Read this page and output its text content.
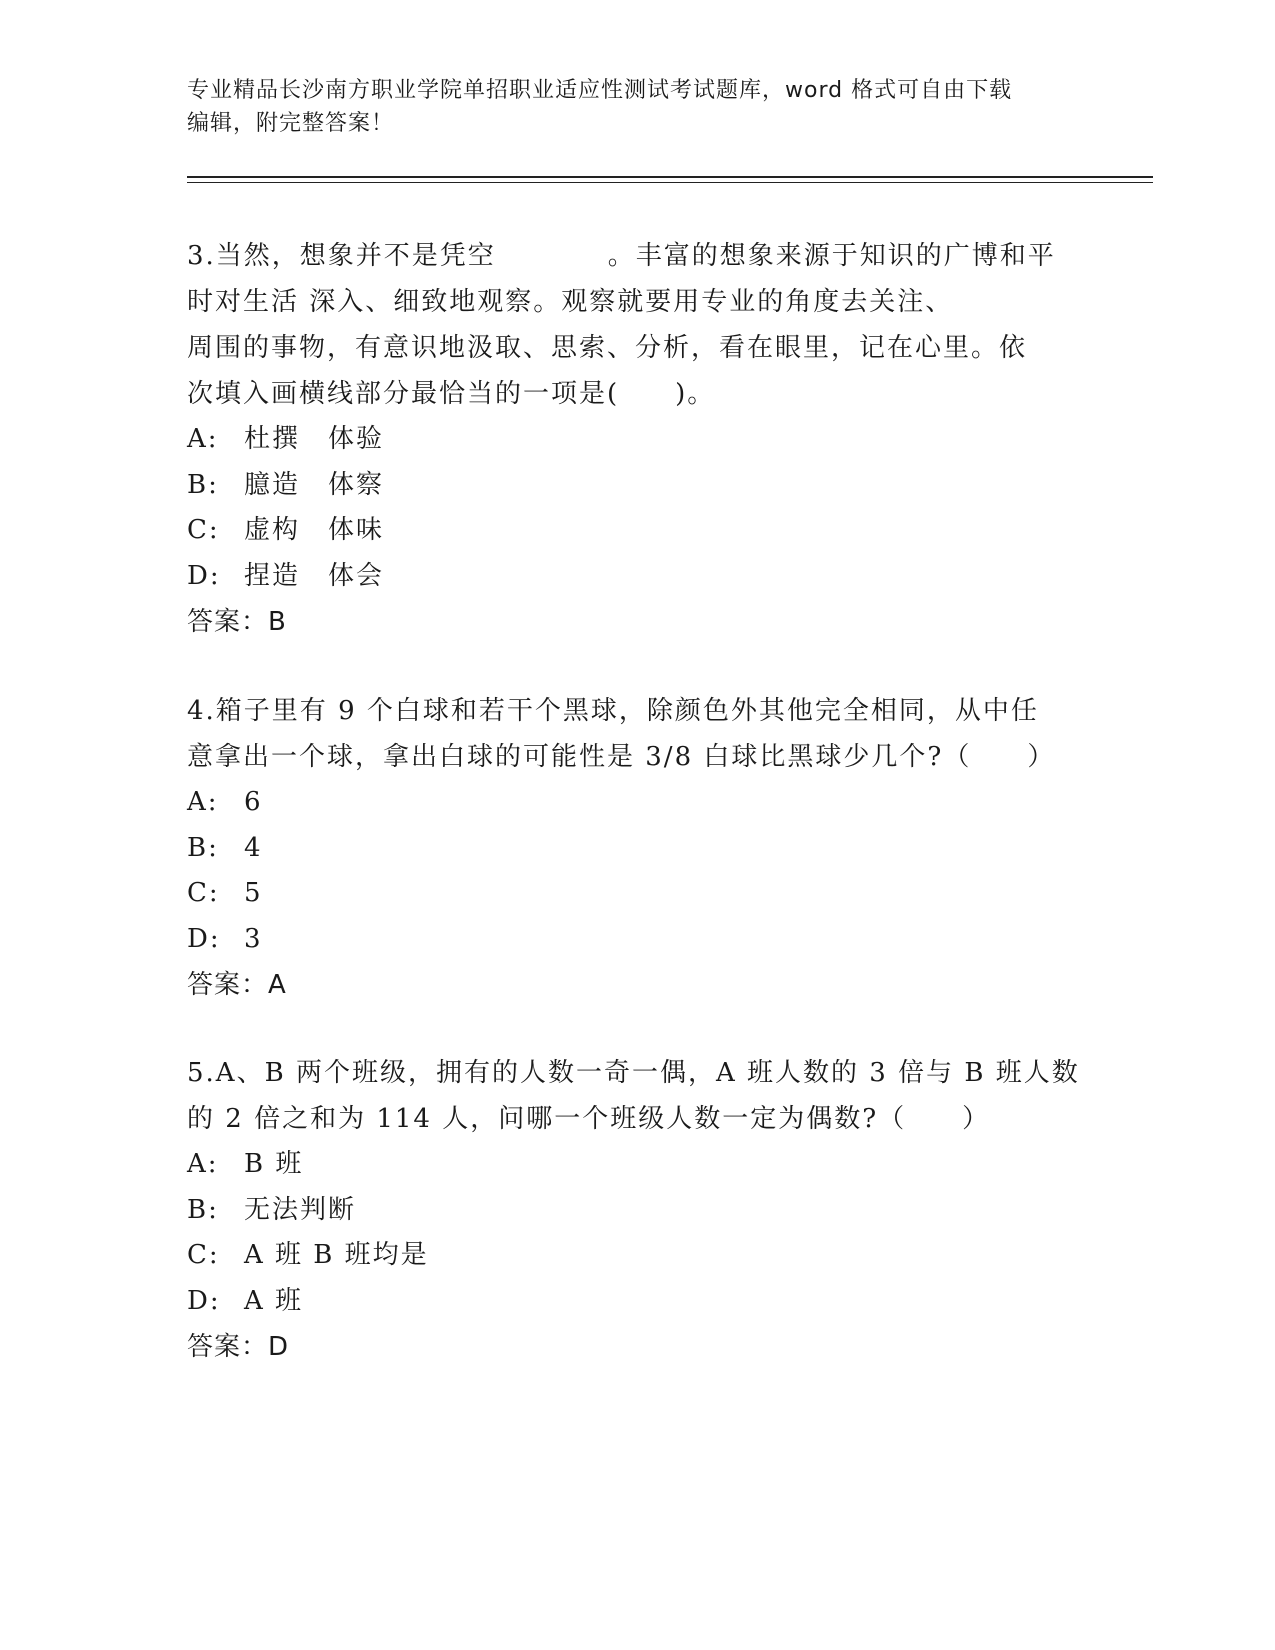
专业精品长沙南方职业学院单招职业适应性测试考试题库，word 格式可自由下载
编辑，附完整答案！
3.当然，想象并不是凭空　　　　。丰富的想象来源于知识的广博和平
时对生活 深入、细致地观察。观察就要用专业的角度去关注、
周围的事物，有意识地汲取、思索、分析，看在眼里，记在心里。依
次填入画横线部分最恰当的一项是(　　)。
A: 杜撰　体验
B: 臆造　体察
C: 虚构　体味
D: 捏造　体会
答案：B
4.箱子里有 9 个白球和若干个黑球，除颜色外其他完全相同，从中任
意拿出一个球，拿出白球的可能性是 3/8 白球比黑球少几个?（　　）
A: 6
B: 4
C: 5
D: 3
答案：A
5.A、B 两个班级，拥有的人数一奇一偶，A 班人数的 3 倍与 B 班人数
的 2 倍之和为 114 人，问哪一个班级人数一定为偶数?（　　）
A: B 班
B: 无法判断
C: A 班 B 班均是
D: A 班
答案：D
